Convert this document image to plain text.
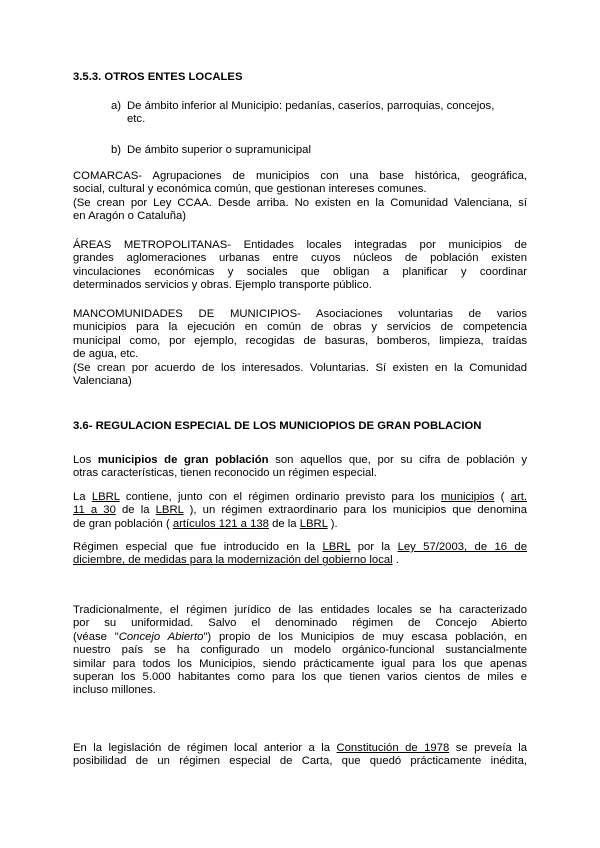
3.5.3. OTROS ENTES LOCALES
a) De ámbito inferior al Municipio: pedanías, caseríos, parroquias, concejos,
etc.
b) De ámbito superior o supramunicipal
COMARCAS- Agrupaciones de municipios con una base histórica, geográfica,
social, cultural y económica común, que gestionan intereses comunes.
(Se crean por Ley CCAA. Desde arriba. No existen en la Comunidad Valenciana, sí
en Aragón o Cataluña)
ÁREAS METROPOLITANAS- Entidades locales integradas por municipios de
grandes aglomeraciones urbanas entre cuyos núcleos de población existen
vinculaciones económicas y sociales que obligan a planificar y coordinar
determinados servicios y obras. Ejemplo transporte público.
MANCOMUNIDADES DE MUNICIPIOS- Asociaciones voluntarias de varios
municipios para la ejecución en común de obras y servicios de competencia
municipal como, por ejemplo, recogidas de basuras, bomberos, limpieza, traídas
de agua, etc.
(Se crean por acuerdo de los interesados. Voluntarias. Sí existen en la Comunidad
Valenciana)
3.6- REGULACION ESPECIAL DE LOS MUNICIOPIOS DE GRAN POBLACION
Los municipios de gran población son aquellos que, por su cifra de población y
otras características, tienen reconocido un régimen especial.
La LBRL contiene, junto con el régimen ordinario previsto para los municipios ( art.
11 a 30 de la LBRL ), un régimen extraordinario para los municipios que denomina
de gran población ( artículos 121 a 138 de la LBRL ).
Régimen especial que fue introducido en la LBRL por la Ley 57/2003, de 16 de
diciembre, de medidas para la modernización del gobierno local .
Tradicionalmente, el régimen jurídico de las entidades locales se ha caracterizado
por su uniformidad. Salvo el denominado régimen de Concejo Abierto
(véase "Concejo Abierto") propio de los Municipios de muy escasa población, en
nuestro país se ha configurado un modelo orgánico-funcional sustancialmente
similar para todos los Municipios, siendo prácticamente igual para los que apenas
superan los 5.000 habitantes como para los que tienen varios cientos de miles e
incluso millones.
En la legislación de régimen local anterior a la Constitución de 1978 se preveía la
posibilidad de un régimen especial de Carta, que quedó prácticamente inédita,
